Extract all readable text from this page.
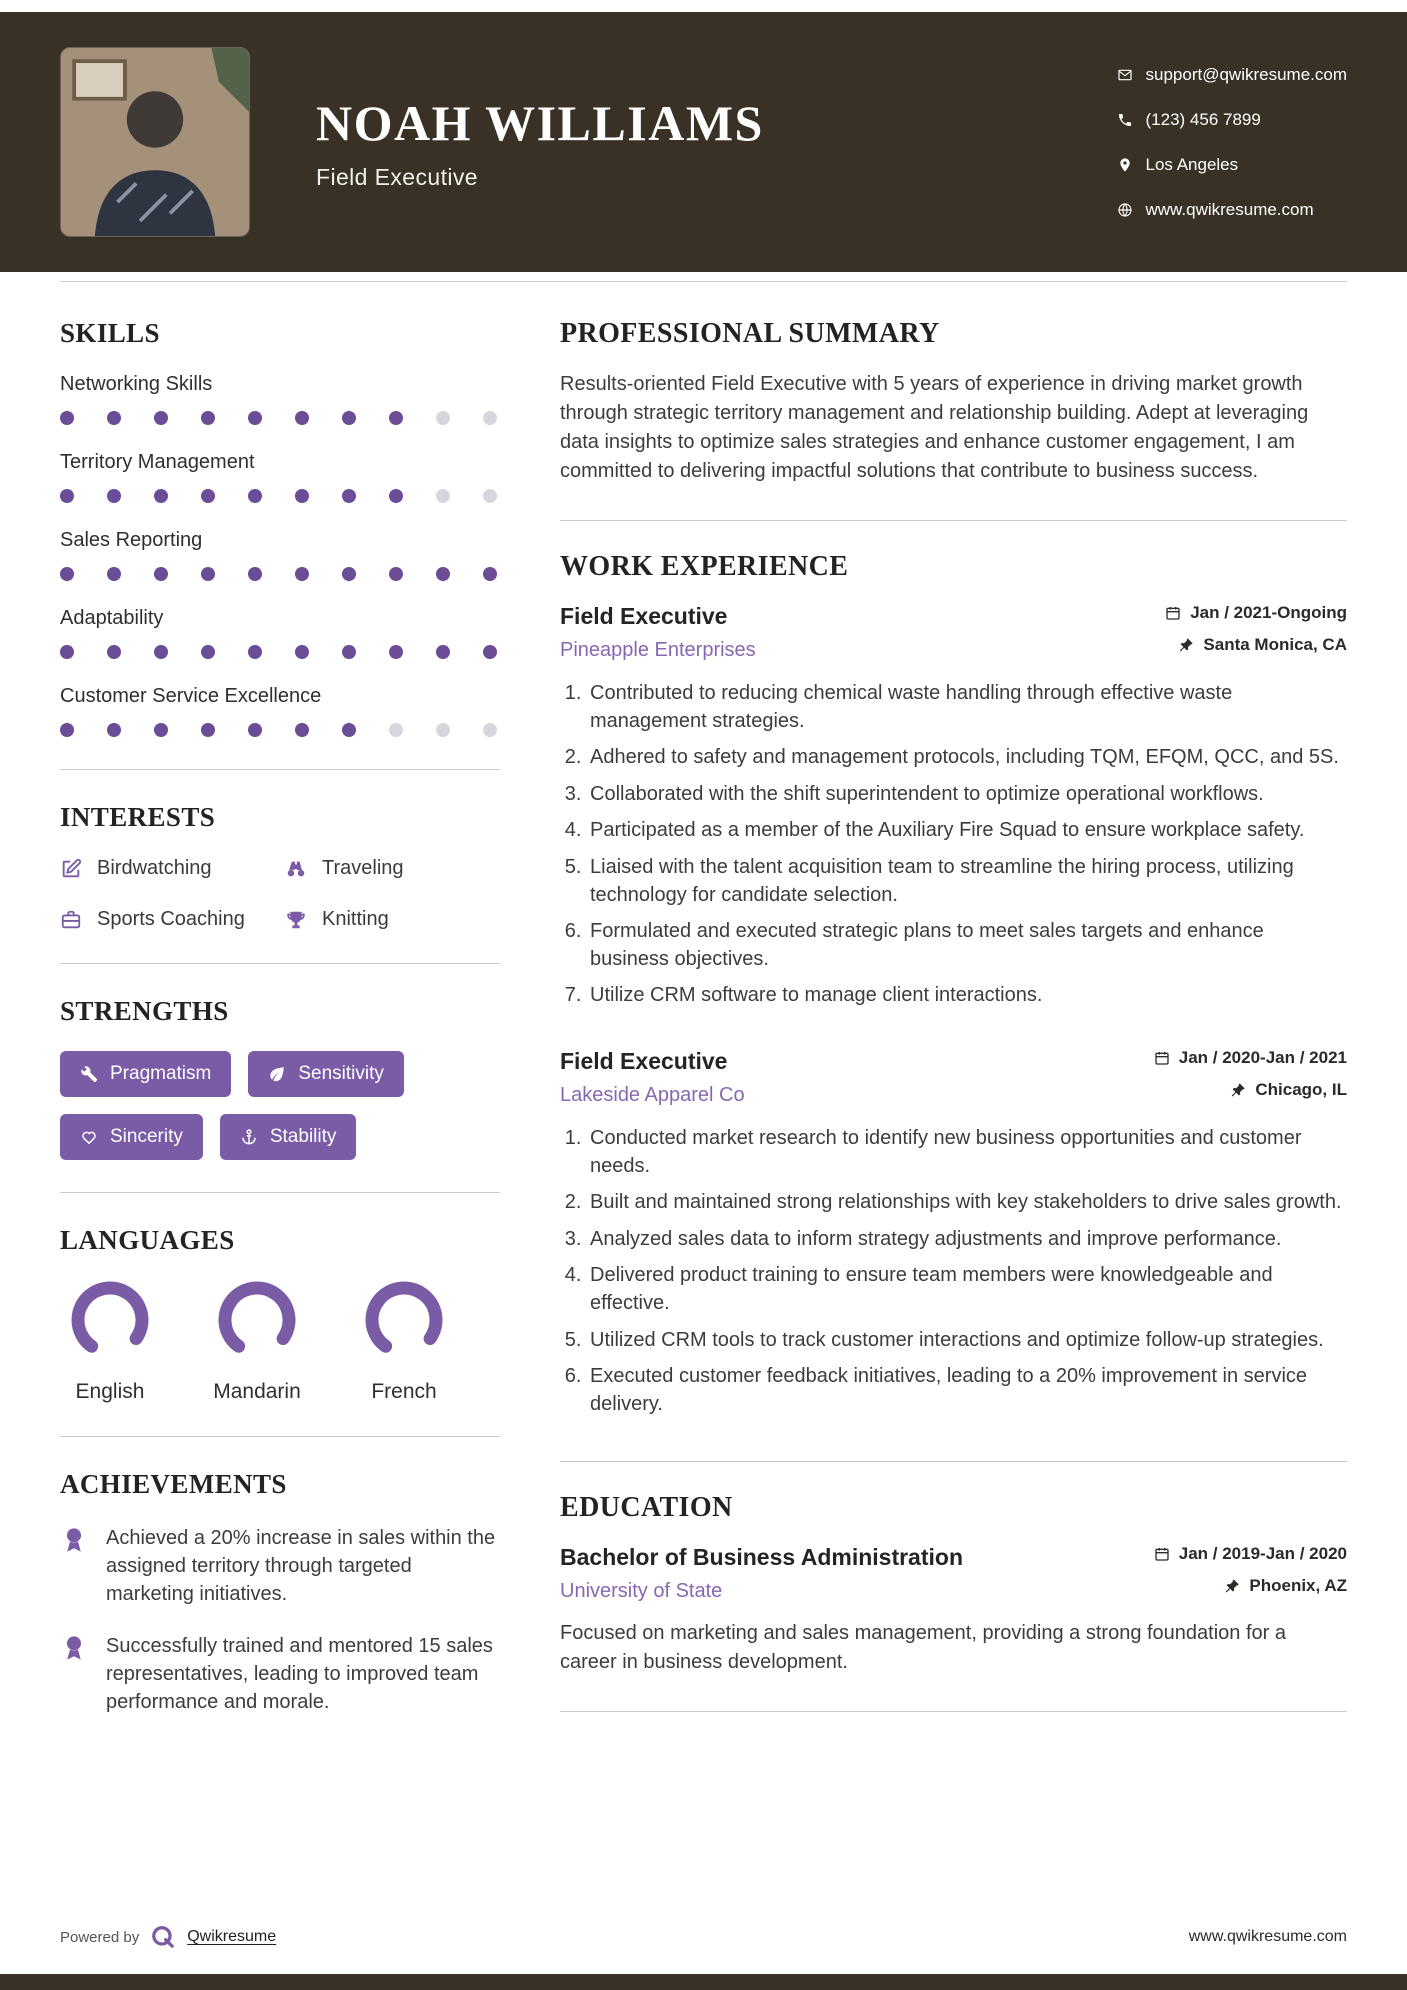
NOAH WILLIAMS
Field Executive
support@qwikresume.com
(123) 456 7899
Los Angeles
www.qwikresume.com
SKILLS
Networking Skills
Territory Management
Sales Reporting
Adaptability
Customer Service Excellence
INTERESTS
Birdwatching	Traveling
Sports Coaching	Knitting
STRENGTHS
Pragmatism	Sensitivity
Sincerity	Stability
LANGUAGES
English	Mandarin	French
ACHIEVEMENTS
Achieved a 20% increase in sales within the assigned territory through targeted marketing initiatives.
Successfully trained and mentored 15 sales representatives, leading to improved team performance and morale.
PROFESSIONAL SUMMARY

Results-oriented Field Executive with 5 years of experience in driving market growth through strategic territory management and relationship building. Adept at leveraging data insights to optimize sales strategies and enhance customer engagement, I am committed to delivering impactful solutions that contribute to business success.

WORK EXPERIENCE
Field Executive
Pineapple Enterprises
Jan / 2021-Ongoing
Santa Monica, CA
1. Contributed to reducing chemical waste handling through effective waste management strategies.
2. Adhered to safety and management protocols, including TQM, EFQM, QCC, and 5S.
3. Collaborated with the shift superintendent to optimize operational workflows.
4. Participated as a member of the Auxiliary Fire Squad to ensure workplace safety.
5. Liaised with the talent acquisition team to streamline the hiring process, utilizing technology for candidate selection.
6. Formulated and executed strategic plans to meet sales targets and enhance business objectives.
7. Utilize CRM software to manage client interactions.
Field Executive
Lakeside Apparel Co
Jan / 2020-Jan / 2021
Chicago, IL
1. Conducted market research to identify new business opportunities and customer needs.
2. Built and maintained strong relationships with key stakeholders to drive sales growth.
3. Analyzed sales data to inform strategy adjustments and improve performance.
4. Delivered product training to ensure team members were knowledgeable and effective.
5. Utilized CRM tools to track customer interactions and optimize follow-up strategies.
6. Executed customer feedback initiatives, leading to a 20% improvement in service delivery.
EDUCATION
Bachelor of Business Administration
University of State
Jan / 2019-Jan / 2020
Phoenix, AZ

Focused on marketing and sales management, providing a strong foundation for a career in business development.

Powered by	Qwikresume	www.qwikresume.com
